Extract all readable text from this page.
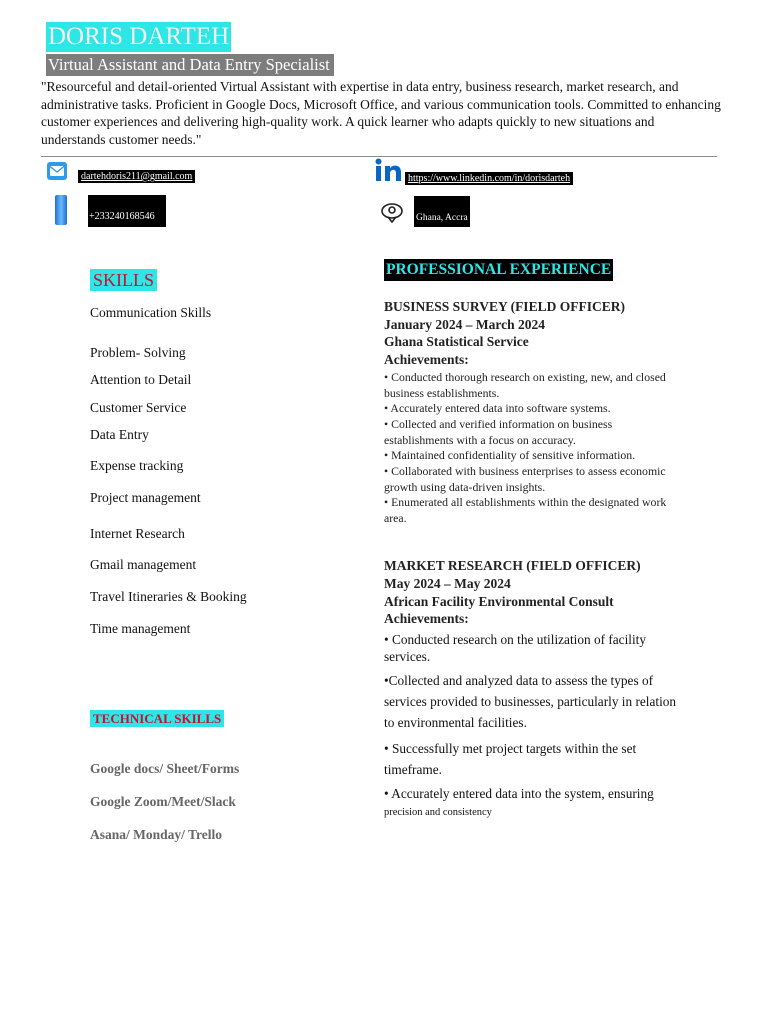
DORIS DARTEH
Virtual Assistant and Data Entry Specialist
"Resourceful and detail-oriented Virtual Assistant with expertise in data entry, business research, market research, and administrative tasks. Proficient in Google Docs, Microsoft Office, and various communication tools. Committed to enhancing customer experiences and delivering high-quality work. A quick learner who adapts quickly to new situations and understands customer needs."
dartehdoris211@gmail.com	https://www.linkedin.com/in/dorisdarteh
+233240168546	Ghana, Accra
SKILLS
Communication Skills
Problem- Solving
Attention to Detail
Customer Service
Data Entry
Expense tracking
Project management
Internet Research
Gmail management
Travel Itineraries & Booking
Time management
TECHNICAL SKILLS
Google docs/ Sheet/Forms
Google Zoom/Meet/Slack
Asana/ Monday/ Trello
PROFESSIONAL EXPERIENCE
BUSINESS SURVEY (FIELD OFFICER)
January 2024 – March 2024
Ghana Statistical Service
Achievements:
• Conducted thorough research on existing, new, and closed business establishments.
• Accurately entered data into software systems.
• Collected and verified information on business establishments with a focus on accuracy.
• Maintained confidentiality of sensitive information.
• Collaborated with business enterprises to assess economic growth using data-driven insights.
• Enumerated all establishments within the designated work area.
MARKET RESEARCH (FIELD OFFICER)
May 2024 – May 2024
African Facility Environmental Consult
Achievements:
• Conducted research on the utilization of facility services.
•Collected and analyzed data to assess the types of services provided to businesses, particularly in relation to environmental facilities.
• Successfully met project targets within the set timeframe.
• Accurately entered data into the system, ensuring
precision and consistency
